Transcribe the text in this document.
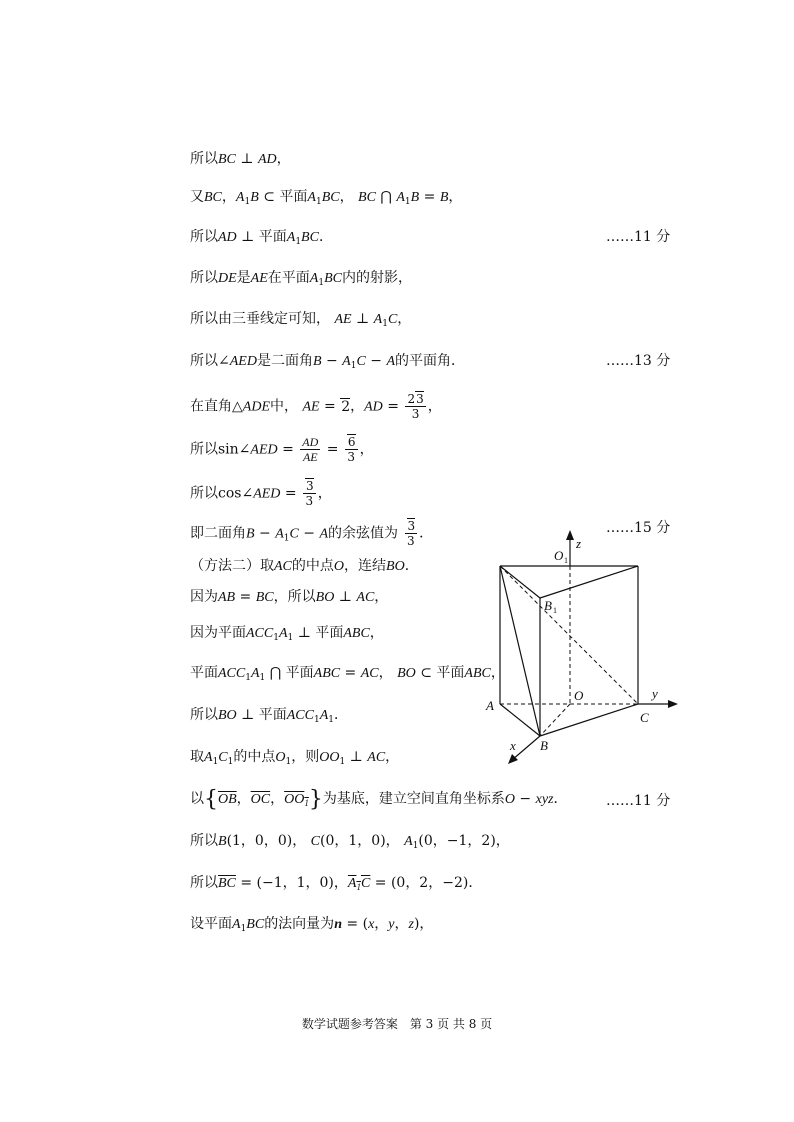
所以BC ⊥ AD，
又BC，$A_1B$ ⊂ 平面$A_1BC$， BC ⋂ $A_1B = B$，
所以AD ⊥ 平面$A_1BC$．	……11 分
所以DE是AE在平面$A_1BC$内的射影，
所以由三垂线定可知， AE ⊥ $A_1C$，
所以∠AED是二面角$B - A_1C - A$的平面角．	……13 分
在直角△ADE中， AE = 2，AD = $\frac{23}{3}$ ，
所以sin∠AED = $\frac{AD}{AE} = \frac{6}{3}$ ，
所以cos∠AED = $\frac{3}{3}$ ，
即二面角$B - A_1C - A$的余弦值为 $\frac{3}{3}$ ．	……15 分
（方法二）取AC的中点O，连结BO．
因为AB = BC，所以BO ⊥ AC，
因为平面$ACC_1A_1$ ⊥ 平面ABC，
平面$ACC_1A_1$ ⋂ 平面ABC = AC， BO ⊂ 平面ABC，
所以BO ⊥ 平面$ACC_1A_1$．
取$A_1C_1$的中点$O_1$，则$OO_1$ ⊥ AC，
以{$\overline{OB}$，$\overline{OC}$，$OO_1$}为基底，建立空间直角坐标系O − xyz．	……11 分
所以B(1，0，0)， C(0，1，0)， $A_1(0$，−1，2)，
所以$\overline{BC} = (-1$，1，0)，$A_1C = (0$，2，−2)．
设平面$A_1BC$的法向量为n = (x，y，z)，
O 1
z
B 1
A
O	y
C
x B
数学试题参考答案　第 3 页 共 8 页
